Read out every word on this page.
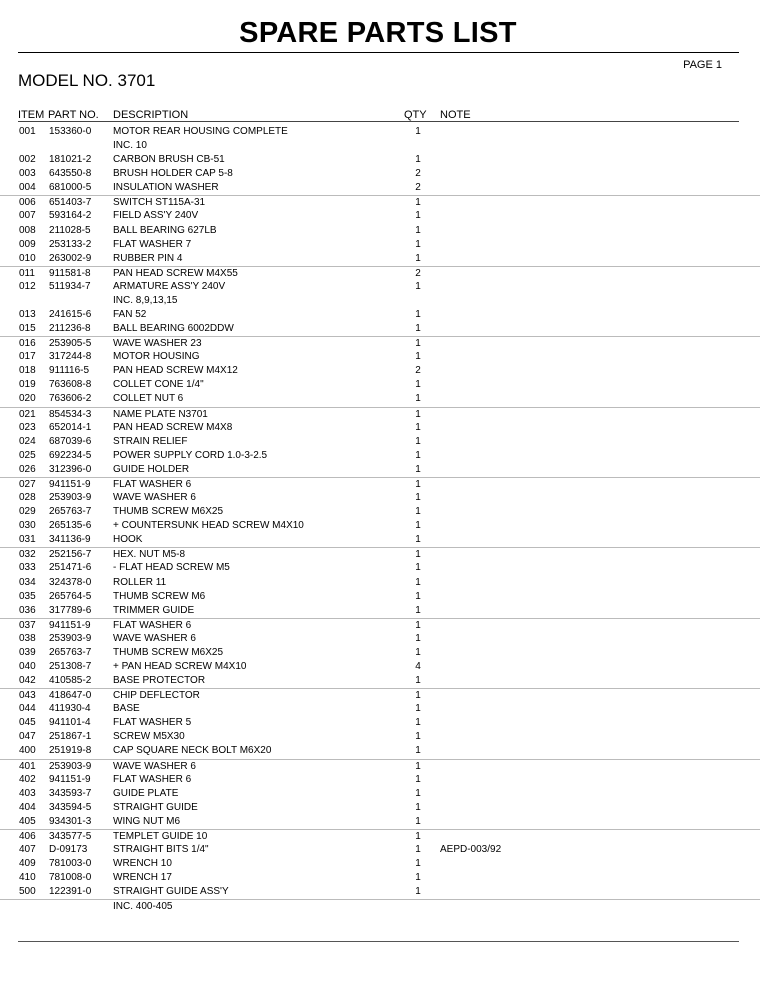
SPARE PARTS LIST
PAGE 1
MODEL NO. 3701
ITEM PART NO. DESCRIPTION	QTY NOTE
001 153360-0 MOTOR REAR HOUSING COMPLETE	1
INC. 10
002 181021-2 CARBON BRUSH CB-51	1
003 643550-8 BRUSH HOLDER CAP 5-8	2
004 681000-5 INSULATION WASHER	2
006 651403-7 SWITCH ST115A-31	1
007 593164-2 FIELD ASS'Y 240V	1
008 211028-5 BALL BEARING 627LB	1
009 253133-2 FLAT WASHER 7	1
010 263002-9 RUBBER PIN 4	1
011 911581-8 PAN HEAD SCREW M4X55	2
012 511934-7 ARMATURE ASS'Y 240V	1
INC. 8,9,13,15
013 241615-6 FAN 52	1
015 211236-8 BALL BEARING 6002DDW	1
016 253905-5 WAVE WASHER 23	1
017 317244-8 MOTOR HOUSING	1
018 911116-5 PAN HEAD SCREW M4X12	2
019 763608-8 COLLET CONE 1/4"	1
020 763606-2 COLLET NUT 6	1
021 854534-3 NAME PLATE N3701	1
023 652014-1 PAN HEAD SCREW M4X8	1
024 687039-6 STRAIN RELIEF	1
025 692234-5 POWER SUPPLY CORD 1.0-3-2.5	1
026 312396-0 GUIDE HOLDER	1
027 941151-9 FLAT WASHER 6	1
028 253903-9 WAVE WASHER 6	1
029 265763-7 THUMB SCREW M6X25	1
030 265135-6 + COUNTERSUNK HEAD SCREW M4X10	1
031 341136-9 HOOK	1
032 252156-7 HEX. NUT M5-8	1
033 251471-6 - FLAT HEAD SCREW M5	1
034 324378-0 ROLLER 11	1
035 265764-5 THUMB SCREW M6	1
036 317789-6 TRIMMER GUIDE	1
037 941151-9 FLAT WASHER 6	1
038 253903-9 WAVE WASHER 6	1
039 265763-7 THUMB SCREW M6X25	1
040 251308-7 + PAN HEAD SCREW M4X10	4
042 410585-2 BASE PROTECTOR	1
043 418647-0 CHIP DEFLECTOR	1
044 411930-4 BASE	1
045 941101-4 FLAT WASHER 5	1
047 251867-1 SCREW M5X30	1
400 251919-8 CAP SQUARE NECK BOLT M6X20	1
401 253903-9 WAVE WASHER 6	1
402 941151-9 FLAT WASHER 6	1
403 343593-7 GUIDE PLATE	1
404 343594-5 STRAIGHT GUIDE	1
405 934301-3 WING NUT M6	1
406 343577-5 TEMPLET GUIDE 10	1
407 D-09173	STRAIGHT BITS 1/4"	1	AEPD-003/92
409 781003-0 WRENCH 10	1
410 781008-0 WRENCH 17	1
500 122391-0 STRAIGHT GUIDE ASS'Y	1
INC. 400-405
